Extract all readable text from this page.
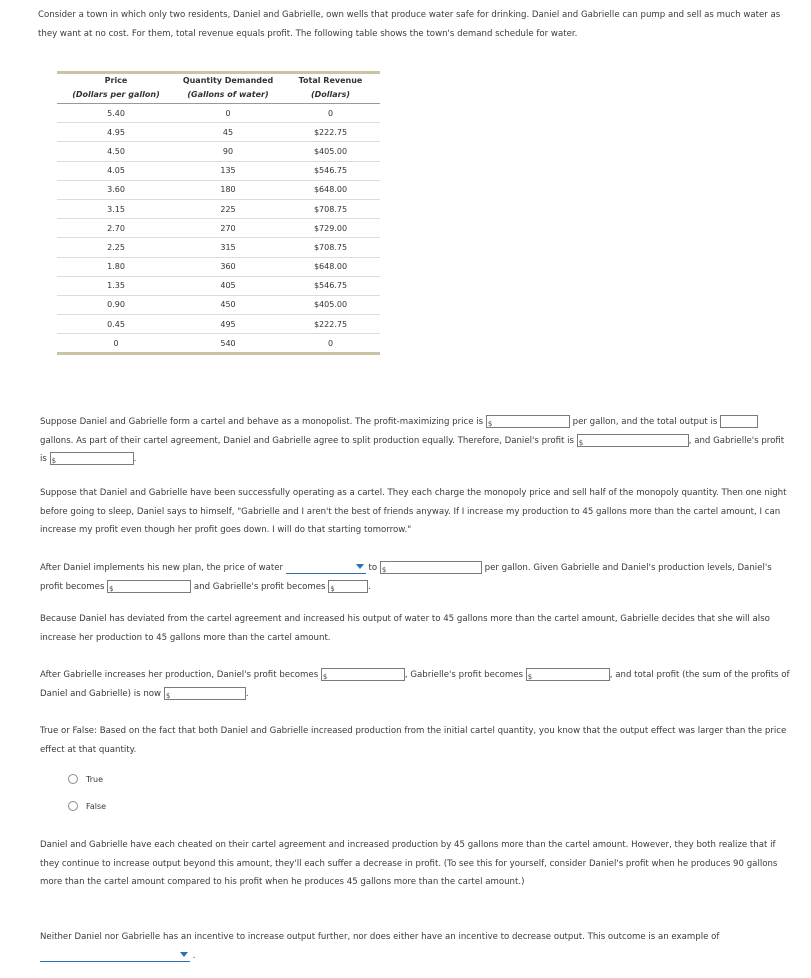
Consider a town in which only two residents, Daniel and Gabrielle, own wells that produce water safe for drinking. Daniel and Gabrielle can pump and sell as much water as they want at no cost. For them, total revenue equals profit. The following table shows the town's demand schedule for water.
Price	Quantity Demanded	Total Revenue
(Dollars per gallon)	(Gallons of water)	(Dollars)
5.40	0	0
4.95	45	$222.75
4.50	90	$405.00
4.05	135	$546.75
3.60	180	$648.00
3.15	225	$708.75
2.70	270	$729.00
2.25	315	$708.75
1.80	360	$648.00
1.35	405	$546.75
0.90	450	$405.00
0.45	495	$222.75
0	540	0
Suppose Daniel and Gabrielle form a cartel and behave as a monopolist. The profit-maximizing price is $	per gallon, and the total output is  gallons. As part of their cartel agreement, Daniel and Gabrielle agree to split production equally. Therefore, Daniel's profit is $	, and Gabrielle's profit is $	.
Suppose that Daniel and Gabrielle have been successfully operating as a cartel. They each charge the monopoly price and sell half of the monopoly quantity. Then one night before going to sleep, Daniel says to himself, "Gabrielle and I aren't the best of friends anyway. If I increase my production to 45 gallons more than the cartel amount, I can increase my profit even though her profit goes down. I will do that starting tomorrow."
After Daniel implements his new plan, the price of water	to $	per gallon. Given Gabrielle and Daniel's production levels, Daniel's profit becomes $	and Gabrielle's profit becomes $	.
Because Daniel has deviated from the cartel agreement and increased his output of water to 45 gallons more than the cartel amount, Gabrielle decides that she will also increase her production to 45 gallons more than the cartel amount.
After Gabrielle increases her production, Daniel's profit becomes $	, Gabrielle's profit becomes $	, and total profit (the sum of the profits of Daniel and Gabrielle) is now $	.
True or False: Based on the fact that both Daniel and Gabrielle increased production from the initial cartel quantity, you know that the output effect was larger than the price effect at that quantity.
True
False
Daniel and Gabrielle have each cheated on their cartel agreement and increased production by 45 gallons more than the cartel amount. However, they both realize that if they continue to increase output beyond this amount, they'll each suffer a decrease in profit. (To see this for yourself, consider Daniel's profit when he produces 90 gallons more than the cartel amount compared to his profit when he produces 45 gallons more than the cartel amount.)
Neither Daniel nor Gabrielle has an incentive to increase output further, nor does either have an incentive to decrease output. This outcome is an example of
.
